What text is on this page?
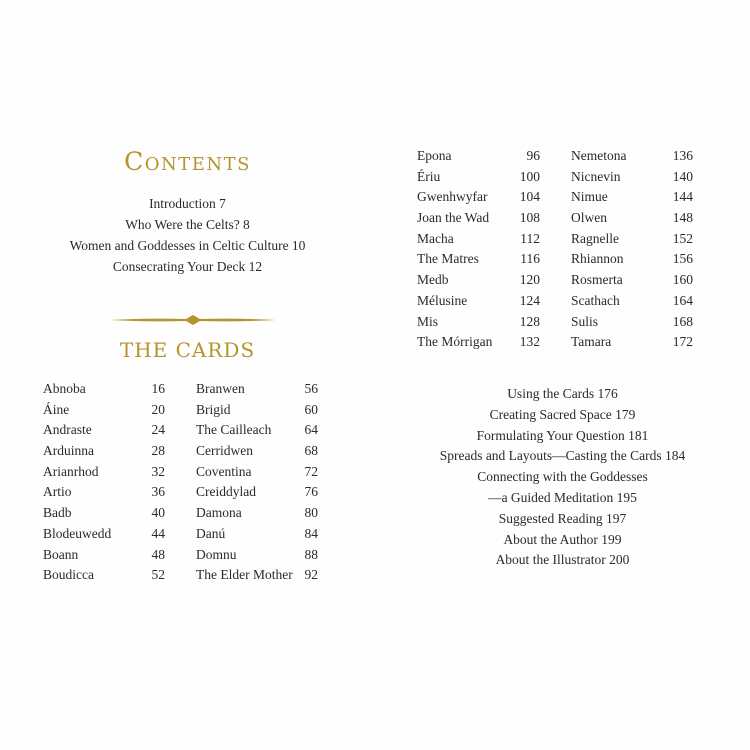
Contents
Introduction 7
Who Were the Celts? 8
Women and Goddesses in Celtic Culture 10
Consecrating Your Deck 12
THE CARDS
Abnoba	16
Áine	20
Andraste	24
Arduinna	28
Arianrhod	32
Artio	36
Badb	40
Blodeuwedd	44
Boann	48
Boudicca	52
Branwen	56
Brigid	60
The Cailleach 64
Cerridwen	68
Coventina	72
Creiddylad	76
Damona	80
Danú	84
Domnu	88
The Elder Mother 92
Epona	96
Ériu	100
Gwenhwyfar 104
Joan the Wad 108
Macha	112
The Matres	116
Medb	120
Mélusine	124
Mis	128
The Mórrigan 132
Nemetona	136
Nicnevin	140
Nimue	144
Olwen	148
Ragnelle	152
Rhiannon	156
Rosmerta	160
Scathach	164
Sulis	168
Tamara	172
Using the Cards 176
Creating Sacred Space 179
Formulating Your Question 181
Spreads and Layouts—Casting the Cards 184
Connecting with the Goddesses
—a Guided Meditation 195
Suggested Reading 197
About the Author 199
About the Illustrator 200
